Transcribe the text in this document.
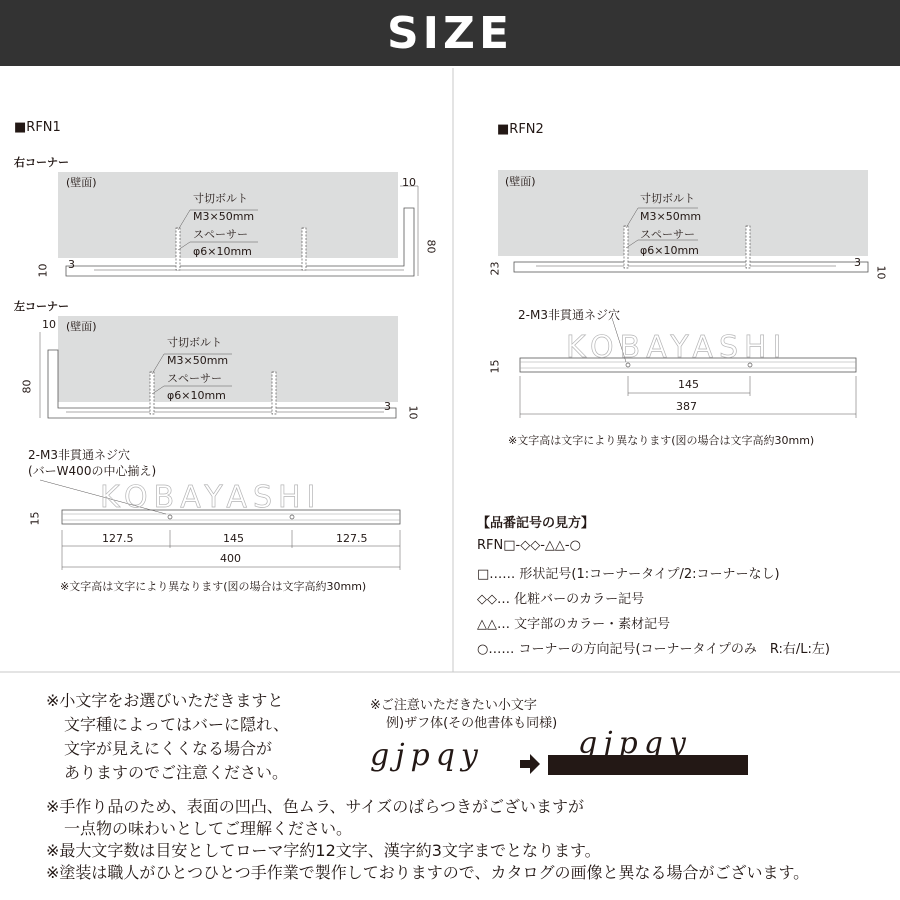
SIZE
■RFN1
右コーナー
(壁面)
寸切ボルト
M3×50mm
スペーサー
φ6×10mm
10
80
10 3
左コーナー
(壁面)
寸切ボルト
M3×50mm
スペーサー
φ6×10mm
10
80
3 10
2-M3非貫通ネジ穴
(バーW400の中心揃え)
KOBAYASHI
15
127.5	145	127.5
400
※文字高は文字により異なります(図の場合は文字高約30mm)
■RFN2
(壁面)
寸切ボルト
M3×50mm
スペーサー
φ6×10mm
23	3
10
2-M3非貫通ネジ穴
KOBAYASHI
15
145
387
※文字高は文字により異なります(図の場合は文字高約30mm)
【品番記号の見方】
RFN□-◇◇-△△-○
□…… 形状記号(1:コーナータイプ/2:コーナーなし)
◇◇… 化粧バーのカラー記号
△△… 文字部のカラー・素材記号
○…… コーナーの方向記号(コーナータイプのみ　R:右/L:左)
※小文字をお選びいただきますと
文字種によってはバーに隠れ、
文字が見えにくくなる場合が
ありますのでご注意ください。
※ご注意いただきたい小文字
例)ザフ体(その他書体も同様)
gjpqy	gjpqy
※手作り品のため、表面の凹凸、色ムラ、サイズのばらつきがございますが
一点物の味わいとしてご理解ください。
※最大文字数は目安としてローマ字約12文字、漢字約3文字までとなります。
※塗装は職人がひとつひとつ手作業で製作しておりますので、カタログの画像と異なる場合がございます。
